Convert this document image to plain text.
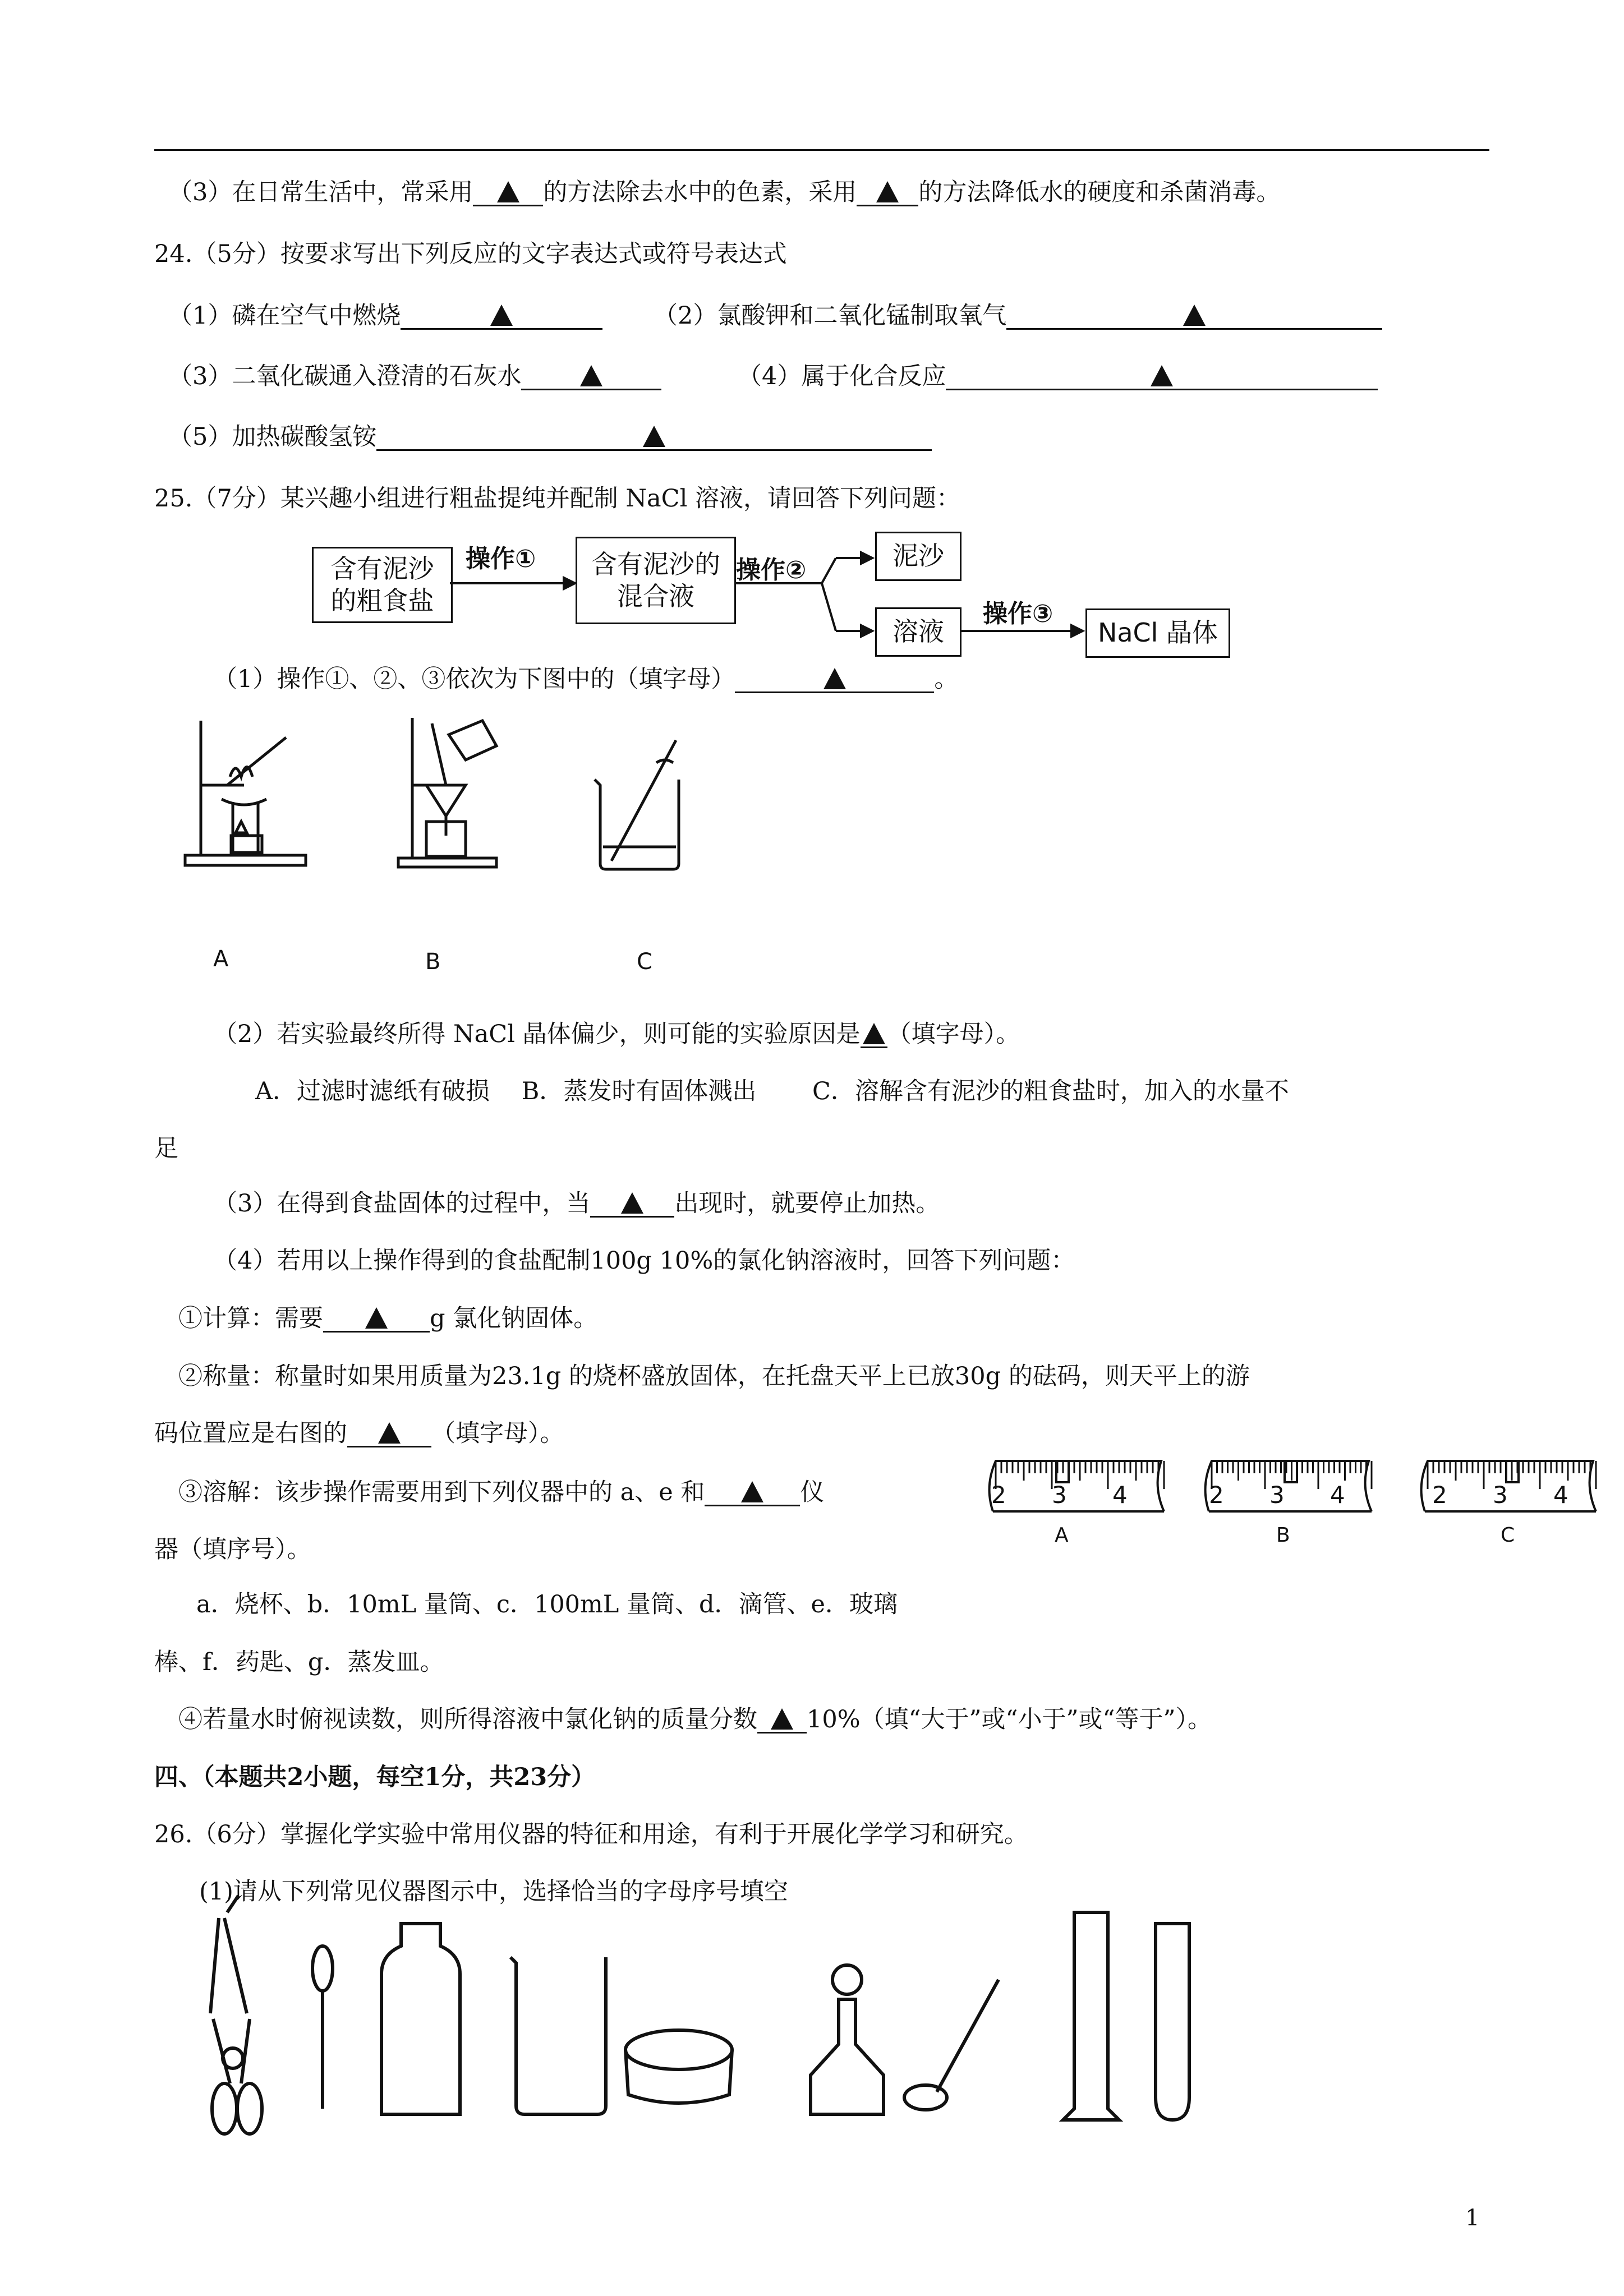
（3）在日常生活中，常采用	的方法除去水中的色素，采用	的方法降低水的硬度和杀菌消毒。
24.（5分）按要求写出下列反应的文字表达式或符号表达式
（1）磷在空气中燃烧	（2）氯酸钾和二氧化锰制取氧气
（3）二氧化碳通入澄清的石灰水	（4）属于化合反应
（5）加热碳酸氢铵
25.（7分）某兴趣小组进行粗盐提纯并配制 NaCl 溶液，请回答下列问题：
含有泥沙
的粗食盐
操作① 含有泥沙的
混合液
操作②	泥沙
溶液
操作③
NaCl 晶体
（1）操作①、②、③依次为下图中的（填字母）	。
A	B	C
（2）若实验最终所得 NaCl 晶体偏少，则可能的实验原因是 （填字母）。
A．过滤时滤纸有破损　 B．蒸发时有固体溅出　　 C．溶解含有泥沙的粗食盐时，加入的水量不
足
（3）在得到食盐固体的过程中，当	出现时，就要停止加热。
（4）若用以上操作得到的食盐配制100g 10%的氯化钠溶液时，回答下列问题：
①计算：需要	g 氯化钠固体。
②称量：称量时如果用质量为23.1g 的烧杯盛放固体，在托盘天平上已放30g 的砝码，则天平上的游
码位置应是右图的	（填字母）。
③溶解：该步操作需要用到下列仪器中的 a、e 和	仪
器（填序号）。
a．烧杯、b．10mL 量筒、c．100mL 量筒、d．滴管、e．玻璃
棒、f．药匙、g．蒸发皿。
2 3 4	2 3 4	2 3 4
A	B	C
④若量水时俯视读数，则所得溶液中氯化钠的质量分数 10%（填“大于”或“小于”或“等于”）。
四、（本题共2小题，每空1分，共23分）
26.（6分）掌握化学实验中常用仪器的特征和用途，有利于开展化学学习和研究。
(1)请从下列常见仪器图示中，选择恰当的字母序号填空
1
